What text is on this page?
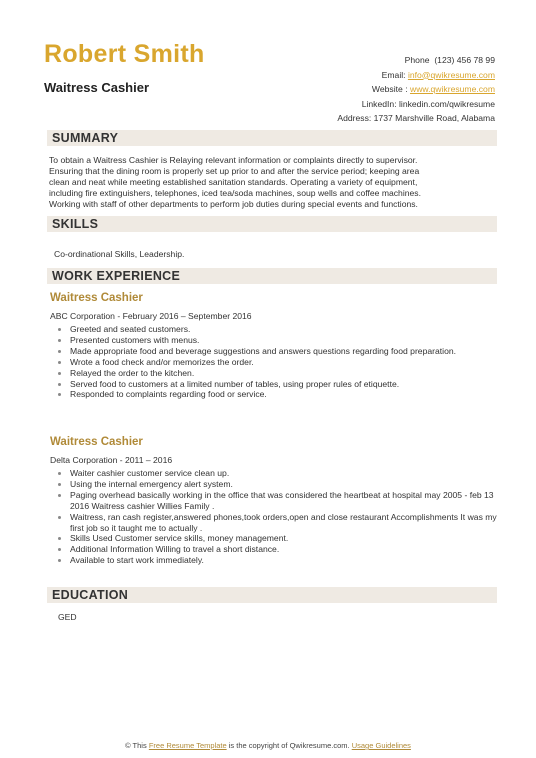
Robert Smith
Waitress Cashier
Phone (123) 456 78 99
Email: info@qwikresume.com
Website : www.qwikresume.com
LinkedIn: linkedin.com/qwikresume
Address: 1737 Marshville Road, Alabama
SUMMARY
To obtain a Waitress Cashier is Relaying relevant information or complaints directly to supervisor.
Ensuring that the dining room is properly set up prior to and after the service period; keeping area
clean and neat while meeting established sanitation standards. Operating a variety of equipment,
including fire extinguishers, telephones, iced tea/soda machines, soup wells and coffee machines.
Working with staff of other departments to perform job duties during special events and functions.
SKILLS
Co-ordinational Skills, Leadership.
WORK EXPERIENCE
Waitress Cashier
ABC Corporation - February 2016 – September 2016
• Greeted and seated customers.
• Presented customers with menus.
• Made appropriate food and beverage suggestions and answers questions regarding food preparation.
• Wrote a food check and/or memorizes the order.
• Relayed the order to the kitchen.
• Served food to customers at a limited number of tables, using proper rules of etiquette.
• Responded to complaints regarding food or service.
Waitress Cashier
Delta Corporation - 2011 – 2016
• Waiter cashier customer service clean up.
• Using the internal emergency alert system.
• Paging overhead basically working in the office that was considered the heartbeat at hospital may 2005 - feb 13 2016 Waitress cashier Willies Family .
• Waitress, ran cash register,answered phones,took orders,open and close restaurant Accomplishments It was my first job so it taught me to actually .
• Skills Used Customer service skills, money management.
• Additional Information Willing to travel a short distance.
• Available to start work immediately.
EDUCATION
GED
© This Free Resume Template is the copyright of Qwikresume.com. Usage Guidelines
